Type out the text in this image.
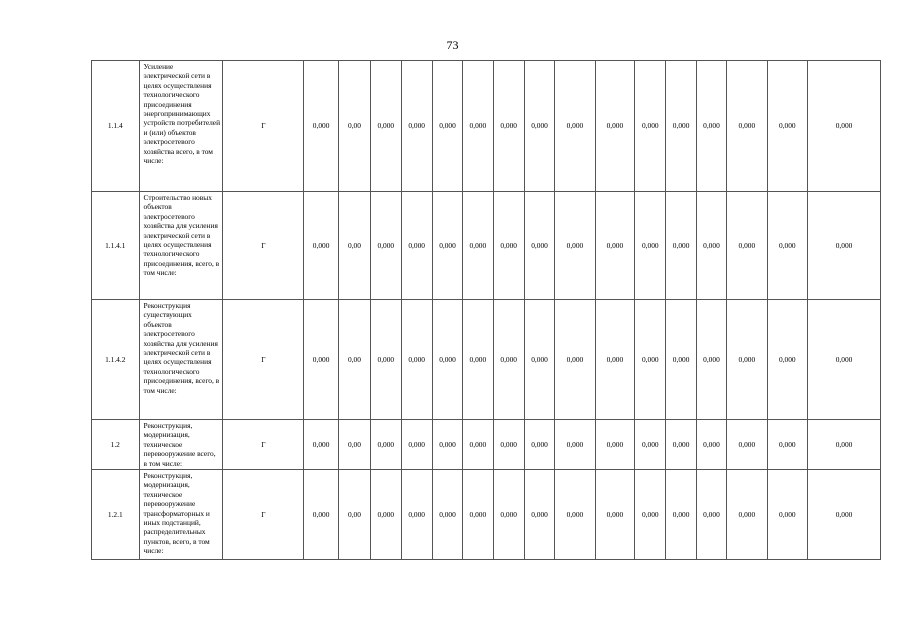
73
1.1.4	Усиление электрической сети в целях осуществления технологического присоединения энергопринимающих устройств потребителей и (или) объектов электросетевого хозяйства всего, в том числе:	Г	0,000	0,00	0,000	0,000	0,000	0,000	0,000	0,000	0,000	0,000	0,000	0,000	0,000	0,000	0,000	0,000
1.1.4.1	Строительство новых объектов электросетевого хозяйства для усиления электрической сети в целях осуществления технологического присоединения, всего, в том числе:	Г	0,000	0,00	0,000	0,000	0,000	0,000	0,000	0,000	0,000	0,000	0,000	0,000	0,000	0,000	0,000	0,000
1.1.4.2	Реконструкция существующих объектов электросетевого хозяйства для усиления электрической сети в целях осуществления технологического присоединения, всего, в том числе:	Г	0,000	0,00	0,000	0,000	0,000	0,000	0,000	0,000	0,000	0,000	0,000	0,000	0,000	0,000	0,000	0,000
1.2	Реконструкция, модернизация, техническое перевооружение всего, в том числе:	Г	0,000	0,00	0,000	0,000	0,000	0,000	0,000	0,000	0,000	0,000	0,000	0,000	0,000	0,000	0,000	0,000
1.2.1	Реконструкция, модернизация, техническое перевооружение трансформаторных и иных подстанций, распределительных пунктов, всего, в том числе:	Г	0,000	0,00	0,000	0,000	0,000	0,000	0,000	0,000	0,000	0,000	0,000	0,000	0,000	0,000	0,000	0,000
